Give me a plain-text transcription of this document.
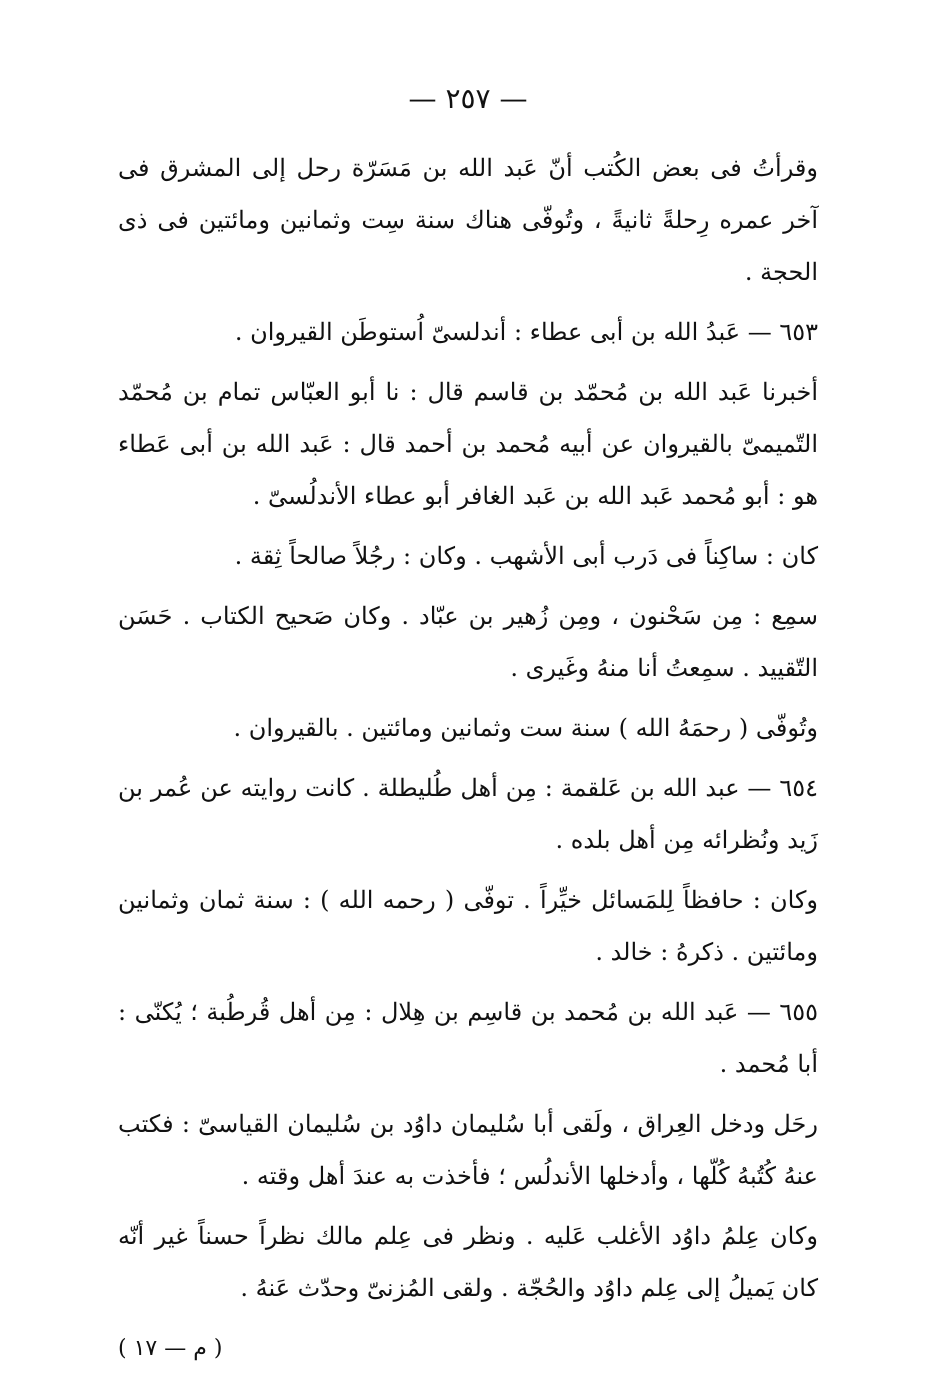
— ٢٥٧ —

وقرأتُ فى بعض الكُتب أنّ عَبد الله بن مَسَرّة رحل إلى المشرق فى آخر عمره رِحلةً ثانيةً ، وتُوفّى هناك سنة سِت وثمانين ومائتين فى ذى الحجة .

٦٥٣ — عَبدُ الله بن أبى عطاء : أندلسىّ اُستوطَن القيروان .

أخبرنا عَبد الله بن مُحمّد بن قاسم قال : نا أبو العبّاس تمام بن مُحمّد التّميمىّ بالقيروان عن أبيه مُحمد بن أحمد قال : عَبد الله بن أبى عَطاء هو : أبو مُحمد عَبد الله بن عَبد الغافر أبو عطاء الأندلُسىّ .

كان : ساكِناً فى دَرب أبى الأشهب . وكان : رجُلاً صالحاً ثِقة .

سمِع : مِن سَحْنون ، ومِن زُهير بن عبّاد . وكان صَحيح الكتاب . حَسَن التّقييد . سمِعتُ أنا منهُ وغَيرى .

وتُوفّى ( رحمَهُ الله ) سنة ست وثمانين ومائتين . بالقيروان .

٦٥٤ — عبد الله بن عَلقمة : مِن أهل طُليطلة . كانت روايته عن عُمر بن زَيد ونُظرائه مِن أهل بلده .

وكان : حافظاً لِلمَسائل خيِّراً . توفّى ( رحمه الله ) : سنة ثمان وثمانين ومائتين . ذكرهُ : خالد .

٦٥٥ — عَبد الله بن مُحمد بن قاسِم بن هِلال : مِن أهل قُرطُبة ؛ يُكنّى : أبا مُحمد .

رحَل ودخل العِراق ، ولَقى أبا سُليمان داوُد بن سُليمان القياسىّ : فكتب عنهُ كُتُبهُ كُلّها ، وأدخلها الأندلُس ؛ فأخذت به عندَ أهل وقته .

وكان عِلمُ داوُد الأغلب عَليه . ونظر فى عِلم مالك نظراً حسناً غير أنّه كان يَميلُ إلى عِلم داوُد والحُجّة . ولقى المُزنىّ وحدّث عَنهُ .

( م — ١٧ )
